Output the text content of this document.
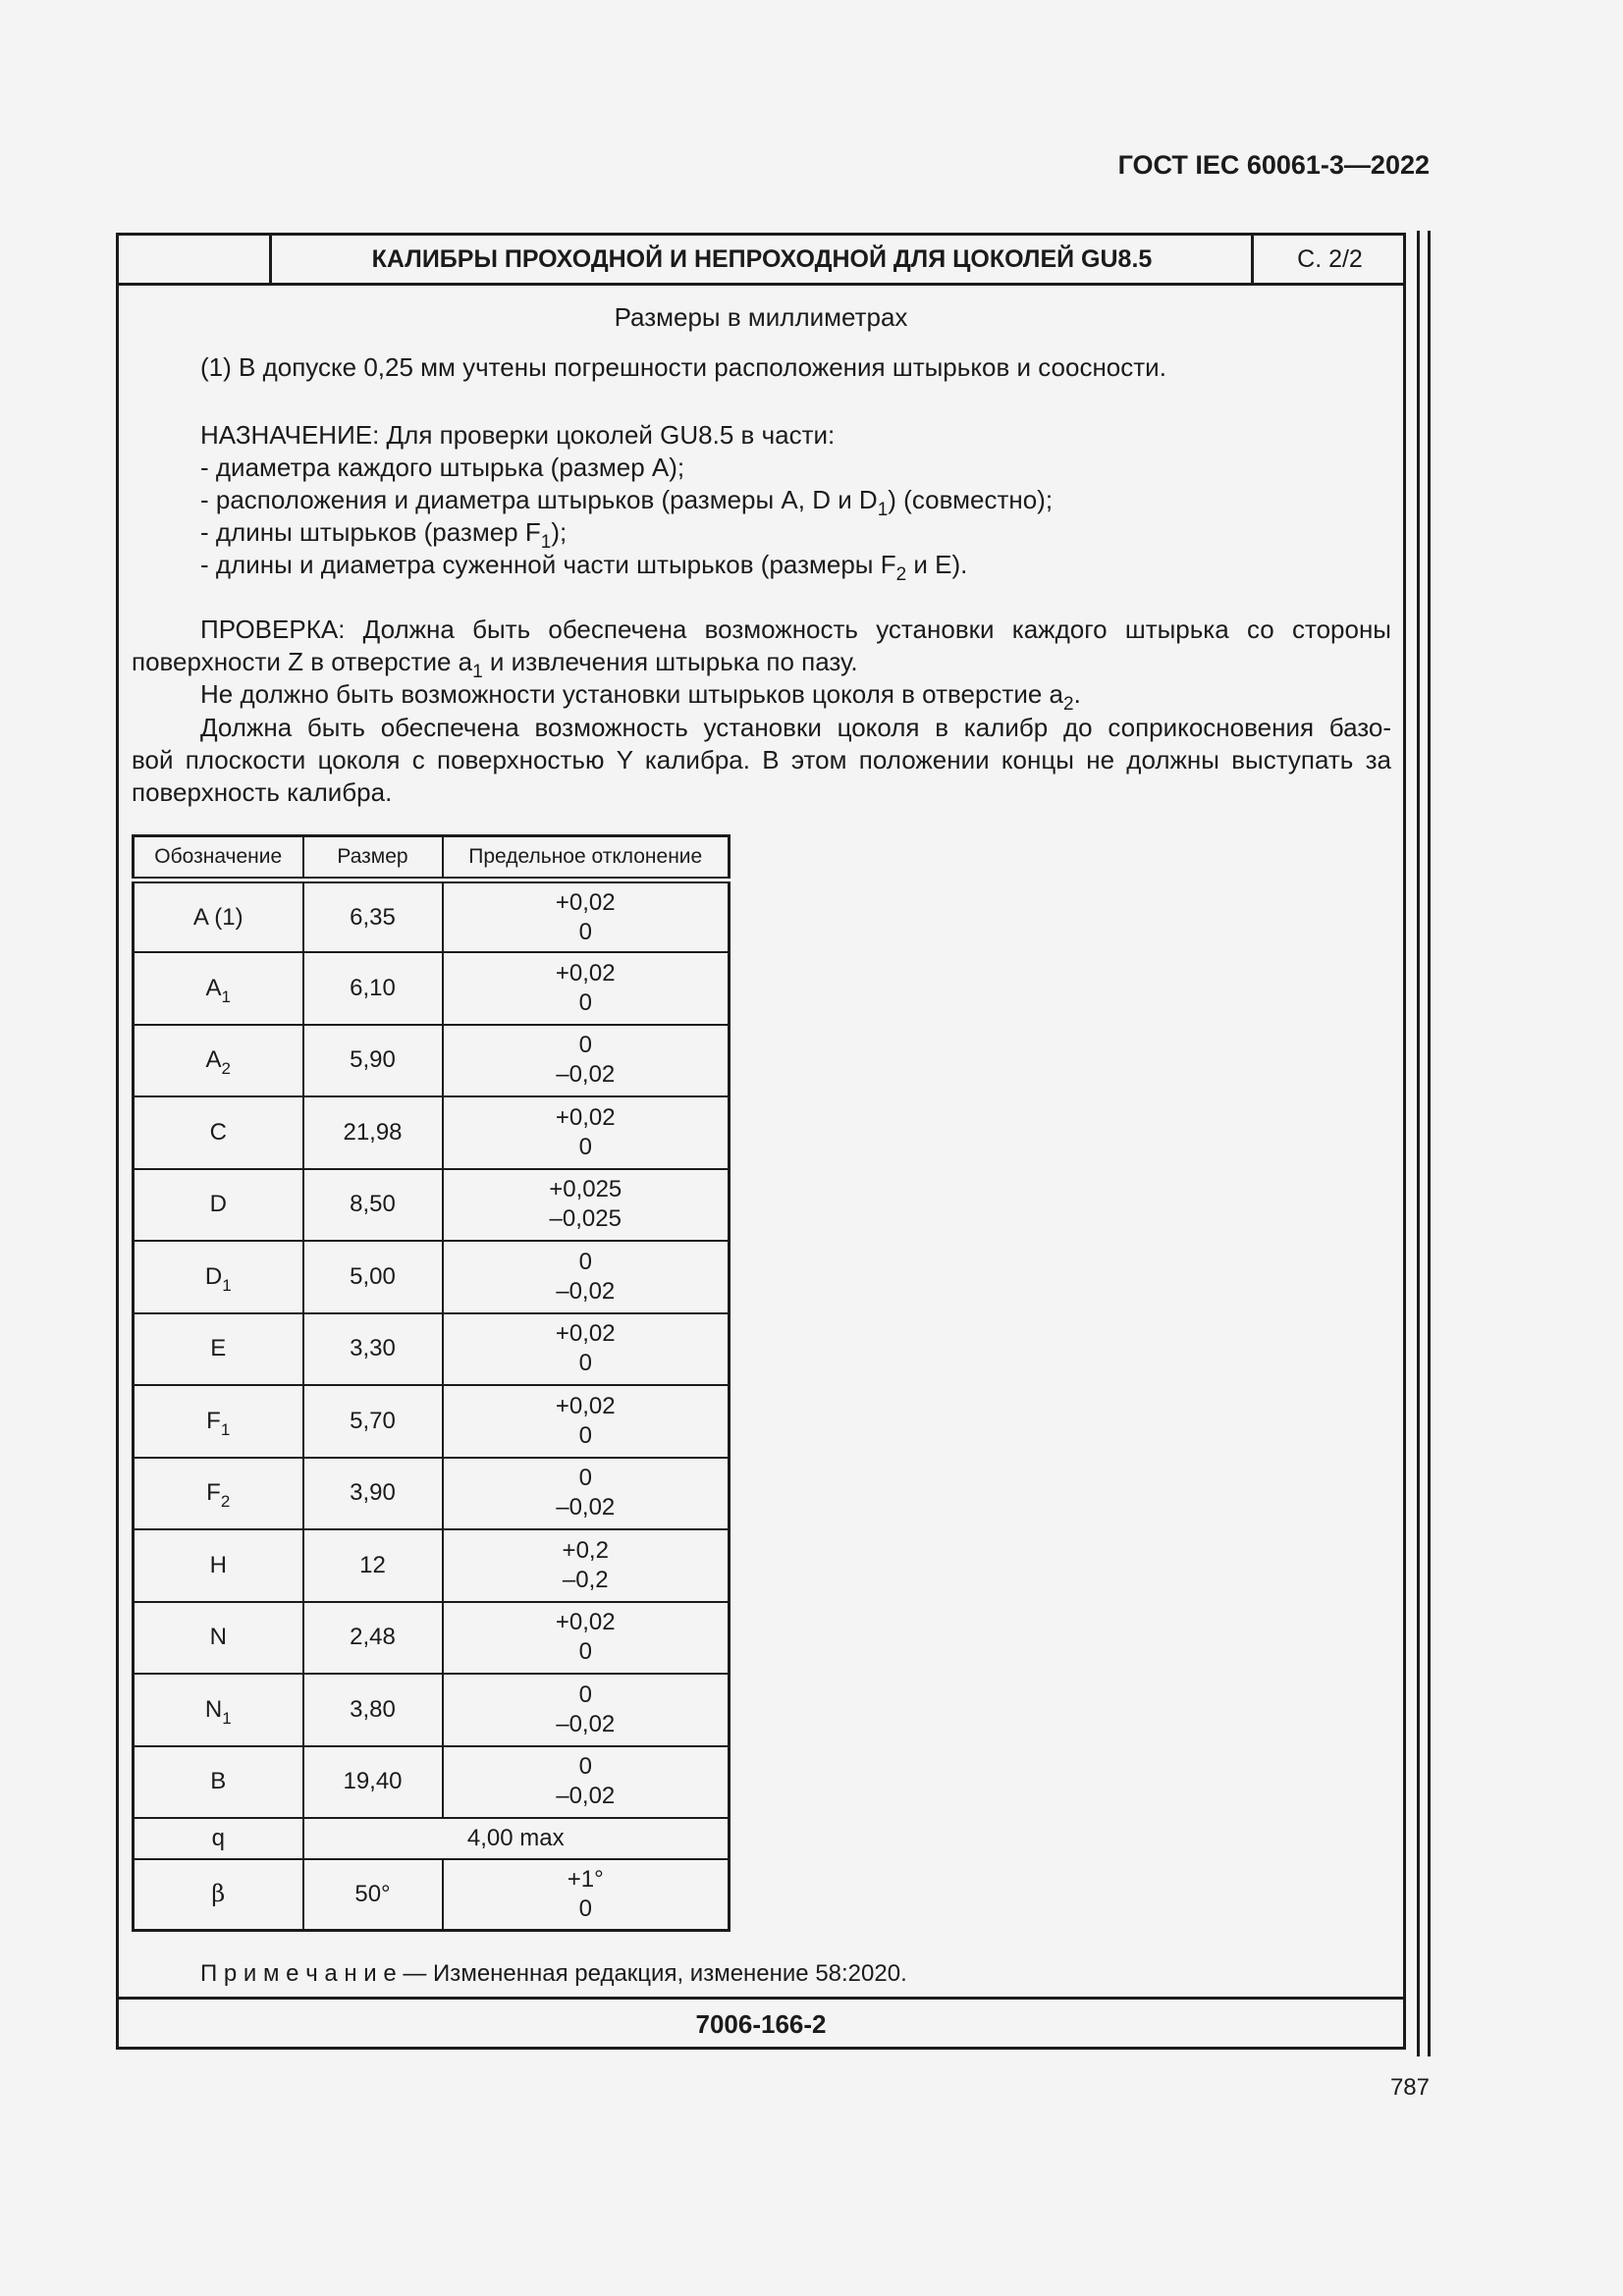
ГОСТ IEC 60061-3—2022
КАЛИБРЫ ПРОХОДНОЙ И НЕПРОХОДНОЙ ДЛЯ ЦОКОЛЕЙ GU8.5	С. 2/2
Размеры в миллиметрах
(1) В допуске 0,25 мм учтены погрешности расположения штырьков и соосности.
НАЗНАЧЕНИЕ: Для проверки цоколей GU8.5 в части:
- диаметра каждого штырька (размер A);
- расположения и диаметра штырьков (размеры A, D и $D_1$) (совместно);
- длины штырьков (размер $F_1$);
- длины и диаметра суженной части штырьков (размеры $F_2$ и E).
ПРОВЕРКА: Должна быть обеспечена возможность установки каждого штырька со стороны
поверхности Z в отверстие $a_1$ и извлечения штырька по пазу.
Не должно быть возможности установки штырьков цоколя в отверстие $a_2$.
Должна быть обеспечена возможность установки цоколя в калибр до соприкосновения базо-
вой плоскости цоколя с поверхностью Y калибра. В этом положении концы не должны выступать за
поверхность калибра.
Обозначение	Размер	Предельное отклонение
A (1)	6,35	+0,02
0

$A_1$	6,10	+0,02
0

$A_2$	5,90	0
–0,02

C	21,98	+0,02
0

D	8,50	+0,025
–0,025

$D_1$	5,00	0
–0,02

E	3,30	+0,02
0

$F_1$	5,70	+0,02
0

$F_2$	3,90	0
–0,02

H	12	+0,2
–0,2

N	2,48	+0,02
0

$N_1$	3,80	0
–0,02

B	19,40	0
–0,02

q	4,00 max	
β	50°	+1°
0
П р и м е ч а н и е — Измененная редакция, изменение 58:2020.
7006-166-2
787
